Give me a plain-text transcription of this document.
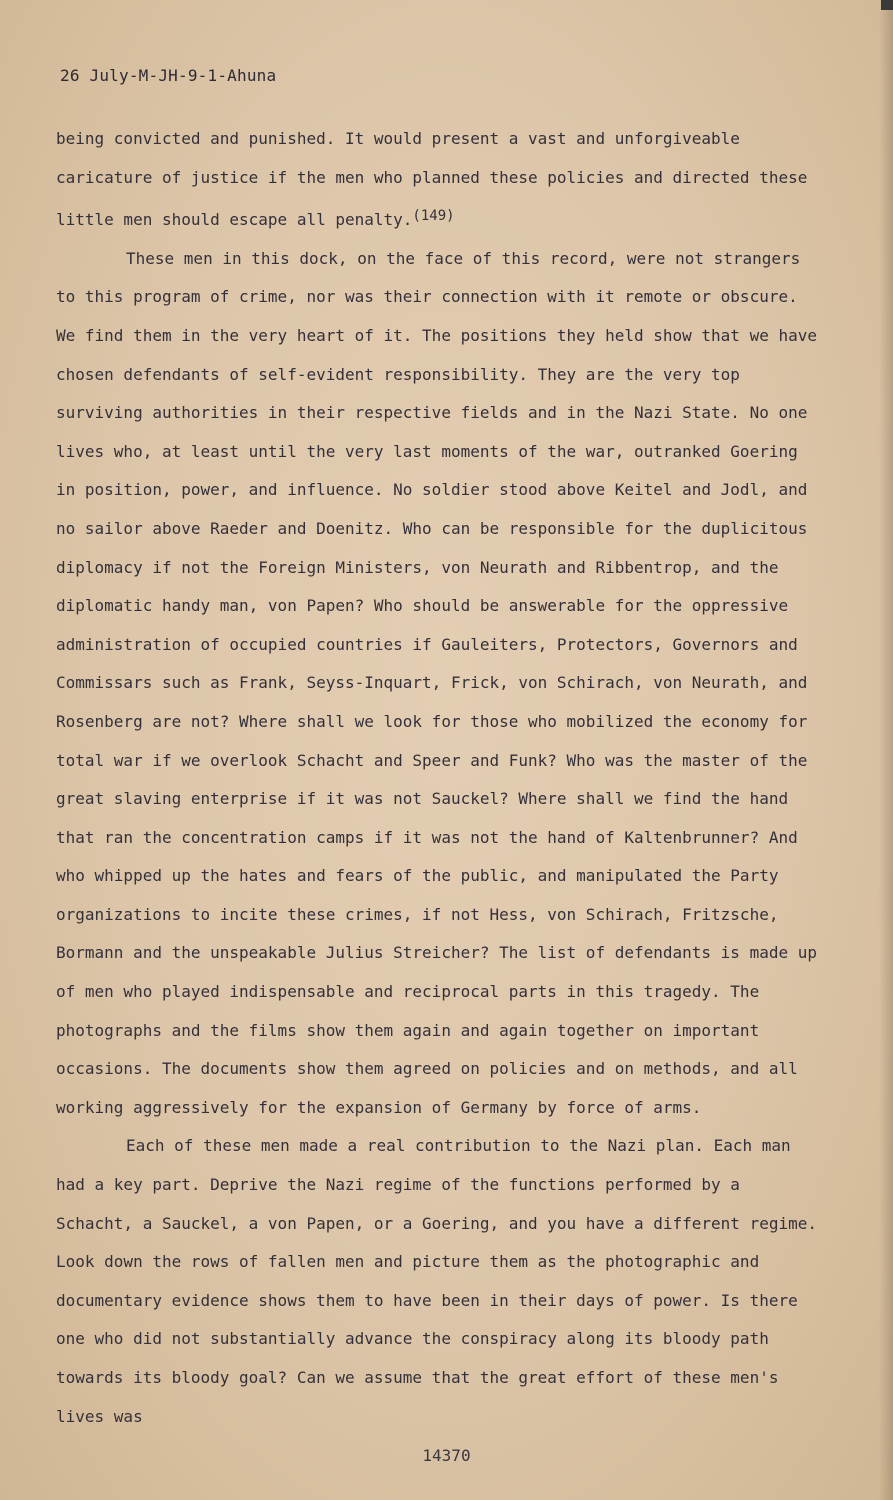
26 July-M-JH-9-1-Ahuna

being convicted and punished. It would present a vast and unforgiveable caricature of justice if the men who planned these policies and directed these little men should escape all penalty.(149)

These men in this dock, on the face of this record, were not strangers to this program of crime, nor was their connection with it remote or obscure. We find them in the very heart of it. The positions they held show that we have chosen defendants of self-evident responsibility. They are the very top surviving authorities in their respective fields and in the Nazi State. No one lives who, at least until the very last moments of the war, outranked Goering in position, power, and influence. No soldier stood above Keitel and Jodl, and no sailor above Raeder and Doenitz. Who can be responsible for the duplicitous diplomacy if not the Foreign Ministers, von Neurath and Ribbentrop, and the diplomatic handy man, von Papen? Who should be answerable for the oppressive administration of occupied countries if Gauleiters, Protectors, Governors and Commissars such as Frank, Seyss-Inquart, Frick, von Schirach, von Neurath, and Rosenberg are not? Where shall we look for those who mobilized the economy for total war if we overlook Schacht and Speer and Funk? Who was the master of the great slaving enterprise if it was not Sauckel? Where shall we find the hand that ran the concentration camps if it was not the hand of Kaltenbrunner? And who whipped up the hates and fears of the public, and manipulated the Party organizations to incite these crimes, if not Hess, von Schirach, Fritzsche, Bormann and the unspeakable Julius Streicher? The list of defendants is made up of men who played indispensable and reciprocal parts in this tragedy. The photographs and the films show them again and again together on important occasions. The documents show them agreed on policies and on methods, and all working aggressively for the expansion of Germany by force of arms.

Each of these men made a real contribution to the Nazi plan. Each man had a key part. Deprive the Nazi regime of the functions performed by a Schacht, a Sauckel, a von Papen, or a Goering, and you have a different regime. Look down the rows of fallen men and picture them as the photographic and documentary evidence shows them to have been in their days of power. Is there one who did not substantially advance the conspiracy along its bloody path towards its bloody goal? Can we assume that the great effort of these men's lives was

14370
